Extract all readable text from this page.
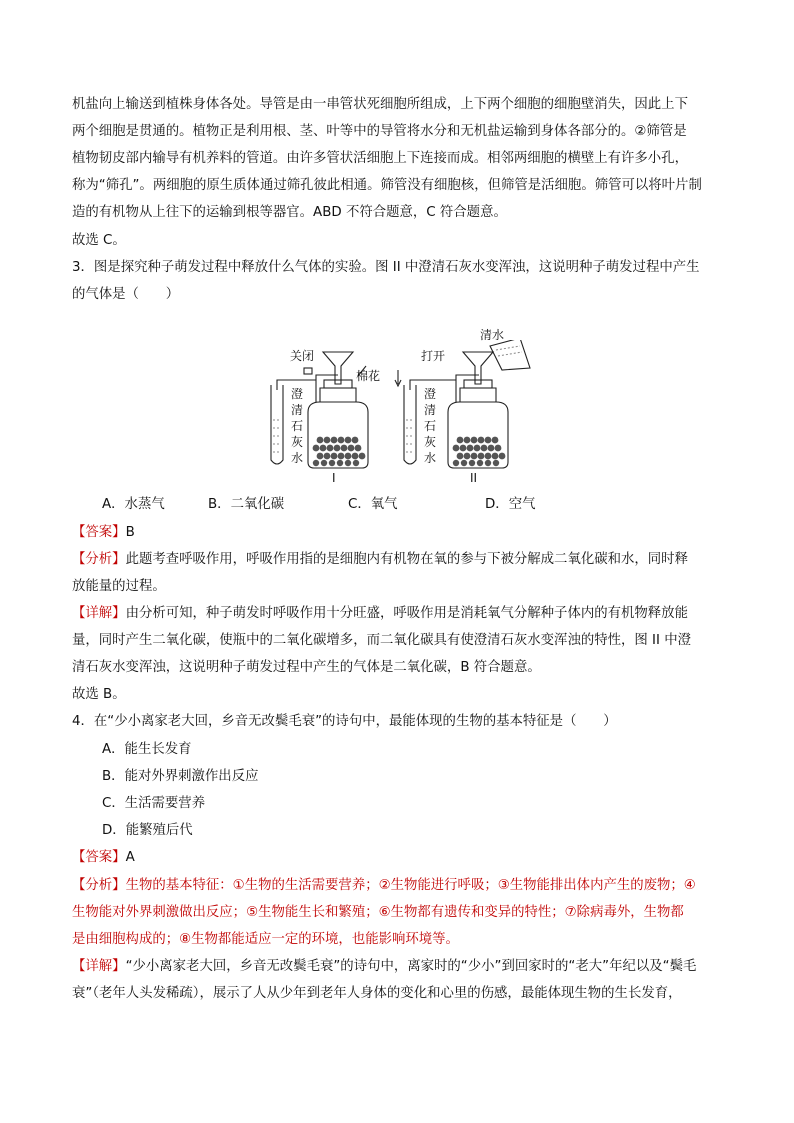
机盐向上输送到植株身体各处。导管是由一串管状死细胞所组成，上下两个细胞的细胞壁消失，因此上下
两个细胞是贯通的。植物正是利用根、茎、叶等中的导管将水分和无机盐运输到身体各部分的。②筛管是
植物韧皮部内输导有机养料的管道。由许多管状活细胞上下连接而成。相邻两细胞的横壁上有许多小孔，
称为“筛孔”。两细胞的原生质体通过筛孔彼此相通。筛管没有细胞核，但筛管是活细胞。筛管可以将叶片制
造的有机物从上往下的运输到根等器官。ABD 不符合题意，C 符合题意。
故选 C。
3．图是探究种子萌发过程中释放什么气体的实验。图 II 中澄清石灰水变浑浊，这说明种子萌发过程中产生
的气体是（　　）
关闭
棉花
打开
清水
澄
清
石
灰
水
澄
清
石
灰
水
I	II
A．水蒸气	B．二氧化碳	C．氧气	D．空气
【答案】B
【分析】此题考查呼吸作用，呼吸作用指的是细胞内有机物在氧的参与下被分解成二氧化碳和水，同时释
放能量的过程。
【详解】由分析可知，种子萌发时呼吸作用十分旺盛，呼吸作用是消耗氧气分解种子体内的有机物释放能
量，同时产生二氧化碳，使瓶中的二氧化碳增多，而二氧化碳具有使澄清石灰水变浑浊的特性，图 II 中澄
清石灰水变浑浊，这说明种子萌发过程中产生的气体是二氧化碳，B 符合题意。
故选 B。
4．在“少小离家老大回，乡音无改鬓毛衰”的诗句中，最能体现的生物的基本特征是（　　）
A．能生长发育
B．能对外界刺激作出反应
C．生活需要营养
D．能繁殖后代
【答案】A
【分析】生物的基本特征：①生物的生活需要营养；②生物能进行呼吸；③生物能排出体内产生的废物；④
生物能对外界刺激做出反应；⑤生物能生长和繁殖；⑥生物都有遗传和变异的特性；⑦除病毒外，生物都
是由细胞构成的；⑧生物都能适应一定的环境，也能影响环境等。
【详解】“少小离家老大回，乡音无改鬓毛衰”的诗句中，离家时的“少小”到回家时的“老大”年纪以及“鬓毛
衰”（老年人头发稀疏），展示了人从少年到老年人身体的变化和心里的伤感，最能体现生物的生长发育，
